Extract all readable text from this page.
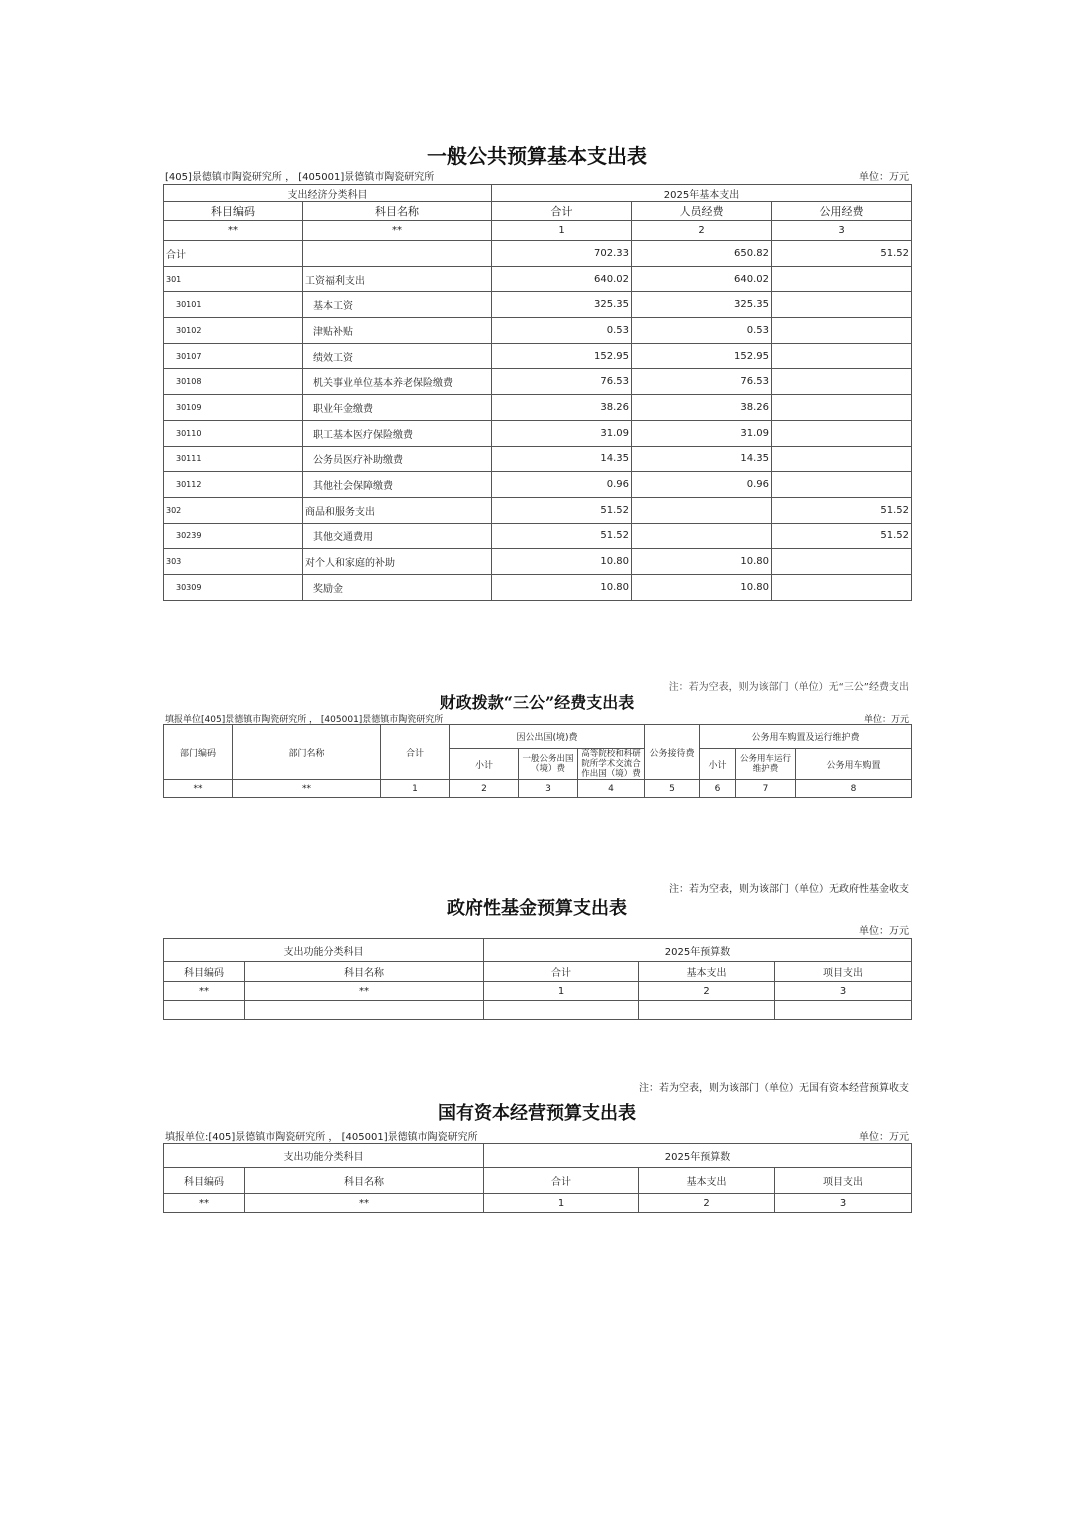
一般公共预算基本支出表
[405]景德镇市陶瓷研究所 ， [405001]景德镇市陶瓷研究所	单位：万元
支出经济分类科目		2025年基本支出		
科目编码	科目名称	合计	人员经费	公用经费
**	**	1	2	3
合计		702.33	650.82	51.52
301	工资福利支出	640.02	640.02	
30101	基本工资	325.35	325.35	
30102	津贴补贴	0.53	0.53	
30107	绩效工资	152.95	152.95	
30108	机关事业单位基本养老保险缴费	76.53	76.53	
30109	职业年金缴费	38.26	38.26	
30110	职工基本医疗保险缴费	31.09	31.09	
30111	公务员医疗补助缴费	14.35	14.35	
30112	其他社会保障缴费	0.96	0.96	
302	商品和服务支出	51.52		51.52
30239	其他交通费用	51.52		51.52
303	对个人和家庭的补助	10.80	10.80	
30309	奖励金	10.80	10.80	
注：若为空表，则为该部门（单位）无“三公”经费支出
财政拨款“三公”经费支出表
填报单位[405]景德镇市陶瓷研究所 ， [405001]景德镇市陶瓷研究所	单位：万元
部门编码	部门名称	合计	因公出国(境)费			公务接待费	公务用车购置及运行维护费		
			小计	一般公务出国（境）费	高等院校和科研院所学术交流合作出国（境）费		小计	公务用车运行维护费	公务用车购置
**	**	1	2	3	4	5	6	7	8
注：若为空表，则为该部门（单位）无政府性基金收支
政府性基金预算支出表
单位：万元
支出功能分类科目		2025年预算数		
科目编码	科目名称	合计	基本支出	项目支出
**	**	1	2	3

注：若为空表，则为该部门（单位）无国有资本经营预算收支
国有资本经营预算支出表
填报单位:[405]景德镇市陶瓷研究所 ， [405001]景德镇市陶瓷研究所	单位：万元
支出功能分类科目		2025年预算数		
科目编码	科目名称	合计	基本支出	项目支出
**	**	1	2	3
